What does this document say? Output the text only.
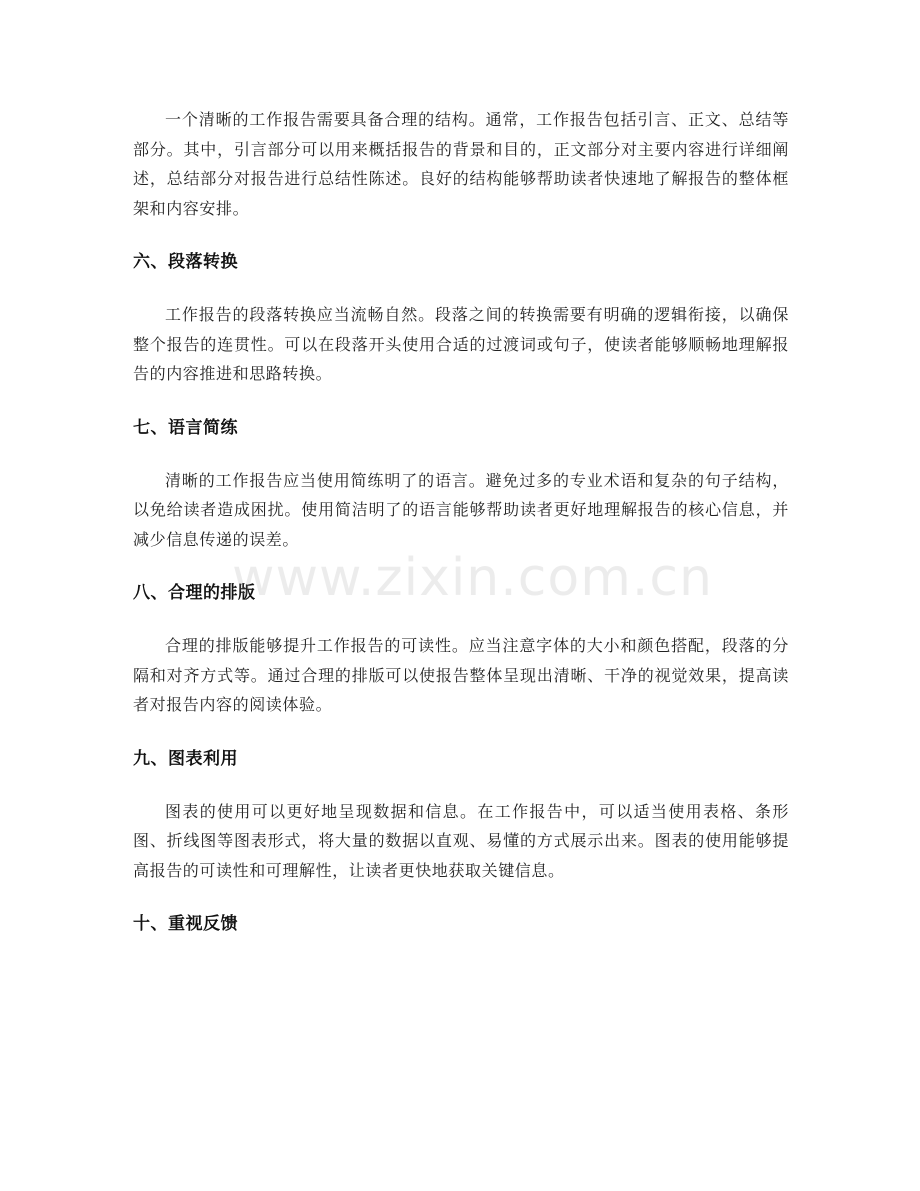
一个清晰的工作报告需要具备合理的结构。通常，工作报告包括引言、正文、总结等部分。其中，引言部分可以用来概括报告的背景和目的，正文部分对主要内容进行详细阐述，总结部分对报告进行总结性陈述。良好的结构能够帮助读者快速地了解报告的整体框架和内容安排。

六、段落转换

工作报告的段落转换应当流畅自然。段落之间的转换需要有明确的逻辑衔接，以确保整个报告的连贯性。可以在段落开头使用合适的过渡词或句子，使读者能够顺畅地理解报告的内容推进和思路转换。

七、语言简练

清晰的工作报告应当使用简练明了的语言。避免过多的专业术语和复杂的句子结构，以免给读者造成困扰。使用简洁明了的语言能够帮助读者更好地理解报告的核心信息，并减少信息传递的误差。

八、合理的排版

合理的排版能够提升工作报告的可读性。应当注意字体的大小和颜色搭配，段落的分隔和对齐方式等。通过合理的排版可以使报告整体呈现出清晰、干净的视觉效果，提高读者对报告内容的阅读体验。

九、图表利用

图表的使用可以更好地呈现数据和信息。在工作报告中，可以适当使用表格、条形图、折线图等图表形式，将大量的数据以直观、易懂的方式展示出来。图表的使用能够提高报告的可读性和可理解性，让读者更快地获取关键信息。

十、重视反馈
www.zixin.com.cn
